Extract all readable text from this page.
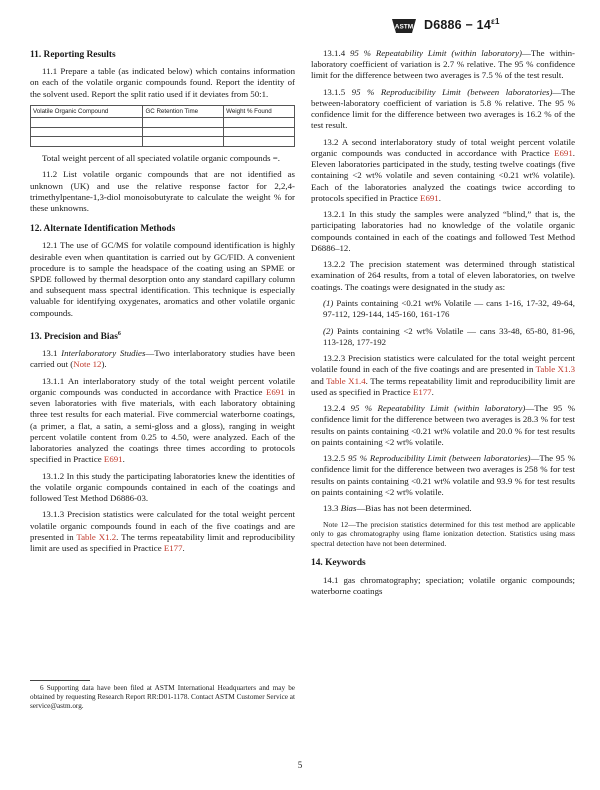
ASTM $D6886 - 14^{\varepsilon 1}$
11. Reporting Results

11.1 Prepare a table (as indicated below) which contains information on each of the volatile organic compounds found. Report the identity of the solvent used. Report the split ratio used if it deviates from 50:1.

Volatile Organic Compound	GC Retention Time	Weight % Found

Total weight percent of all speciated volatile organic compounds =.

11.2 List volatile organic compounds that are not identified as unknown (UK) and use the relative response factor for 2,2,4-trimethylpentane-1,3-diol monoisobutyrate to calculate the weight % for these unknowns.

12. Alternate Identification Methods

12.1 The use of GC/MS for volatile compound identification is highly desirable even when quantitation is carried out by GC/FID. A convenient procedure is to sample the headspace of the coating using an SPME or SPDE followed by thermal desorption onto any standard capillary column and subsequent mass spectral identification. This technique is especially valuable for identifying oxygenates, aromatics and other volatile organic compounds.

13. Precision and Bias$^6$

13.1 Interlaboratory Studies—Two interlaboratory studies have been carried out (Note 12).

13.1.1 An interlaboratory study of the total weight percent volatile organic compounds was conducted in accordance with Practice E691 in seven laboratories with five materials, with each laboratory obtaining three test results for each material. Five commercial waterborne coatings, (a primer, a flat, a satin, a semi-gloss and a gloss), ranging in weight percent volatile content from 0.25 to 4.50, were analyzed. Each of the laboratories analyzed the coatings three times according to protocols specified in Practice E691.

13.1.2 In this study the participating laboratories knew the identities of the volatile organic compounds contained in each of the coatings and followed Test Method D6886-03.

13.1.3 Precision statistics were calculated for the total weight percent volatile organic compounds found in each of the five coatings and are presented in Table X1.2. The terms repeatability limit and reproducibility limit are used as specified in Practice E177.

6 Supporting data have been filed at ASTM International Headquarters and may be obtained by requesting Research Report RR:D01-1178. Contact ASTM Customer Service at service@astm.org.

13.1.4 95 % Repeatability Limit (within laboratory)—The within-laboratory coefficient of variation is 2.7 % relative. The 95 % confidence limit for the difference between two averages is 7.5 % of the test result.

13.1.5 95 % Reproducibility Limit (between laboratories)—The between-laboratory coefficient of variation is 5.8 % relative. The 95 % confidence limit for the difference between two averages is 16.2 % of the test result.

13.2 A second interlaboratory study of total weight percent volatile organic compounds was conducted in accordance with Practice E691. Eleven laboratories participated in the study, testing twelve coatings (five containing <2 wt% volatile and seven containing <0.21 wt% volatile). Each of the laboratories analyzed the coatings twice according to protocols specified in Practice E691.

13.2.1 In this study the samples were analyzed “blind,” that is, the participating laboratories had no knowledge of the volatile organic compounds contained in each of the coatings and followed Test Method D6886–12.

13.2.2 The precision statement was determined through statistical examination of 264 results, from a total of eleven laboratories, on twelve coatings. The coatings were designated in the study as:

(1) Paints containing <0.21 wt% Volatile — cans 1-16, 17-32, 49-64, 97-112, 129-144, 145-160, 161-176

(2) Paints containing <2 wt% Volatile — cans 33-48, 65-80, 81-96, 113-128, 177-192

13.2.3 Precision statistics were calculated for the total weight percent volatile found in each of the five coatings and are presented in Table X1.3 and Table X1.4. The terms repeatability limit and reproducibility limit are used as specified in Practice E177.

13.2.4 95 % Repeatability Limit (within laboratory)—The 95 % confidence limit for the difference between two averages is 28.3 % for test results on paints containing <0.21 wt% volatile and 20.0 % for test results on paints containing <2 wt% volatile.

13.2.5 95 % Reproducibility Limit (between laboratories)—The 95 % confidence limit for the difference between two averages is 258 % for test results on paints containing <0.21 wt% volatile and 93.9 % for test results on paints containing <2 wt% volatile.

13.3 Bias—Bias has not been determined.

Note 12—The precision statistics determined for this test method are applicable only to gas chromatography using flame ionization detection. Statistics using mass spectral detection have not been determined.
14. Keywords

14.1 gas chromatography; speciation; volatile organic compounds; waterborne coatings

5
